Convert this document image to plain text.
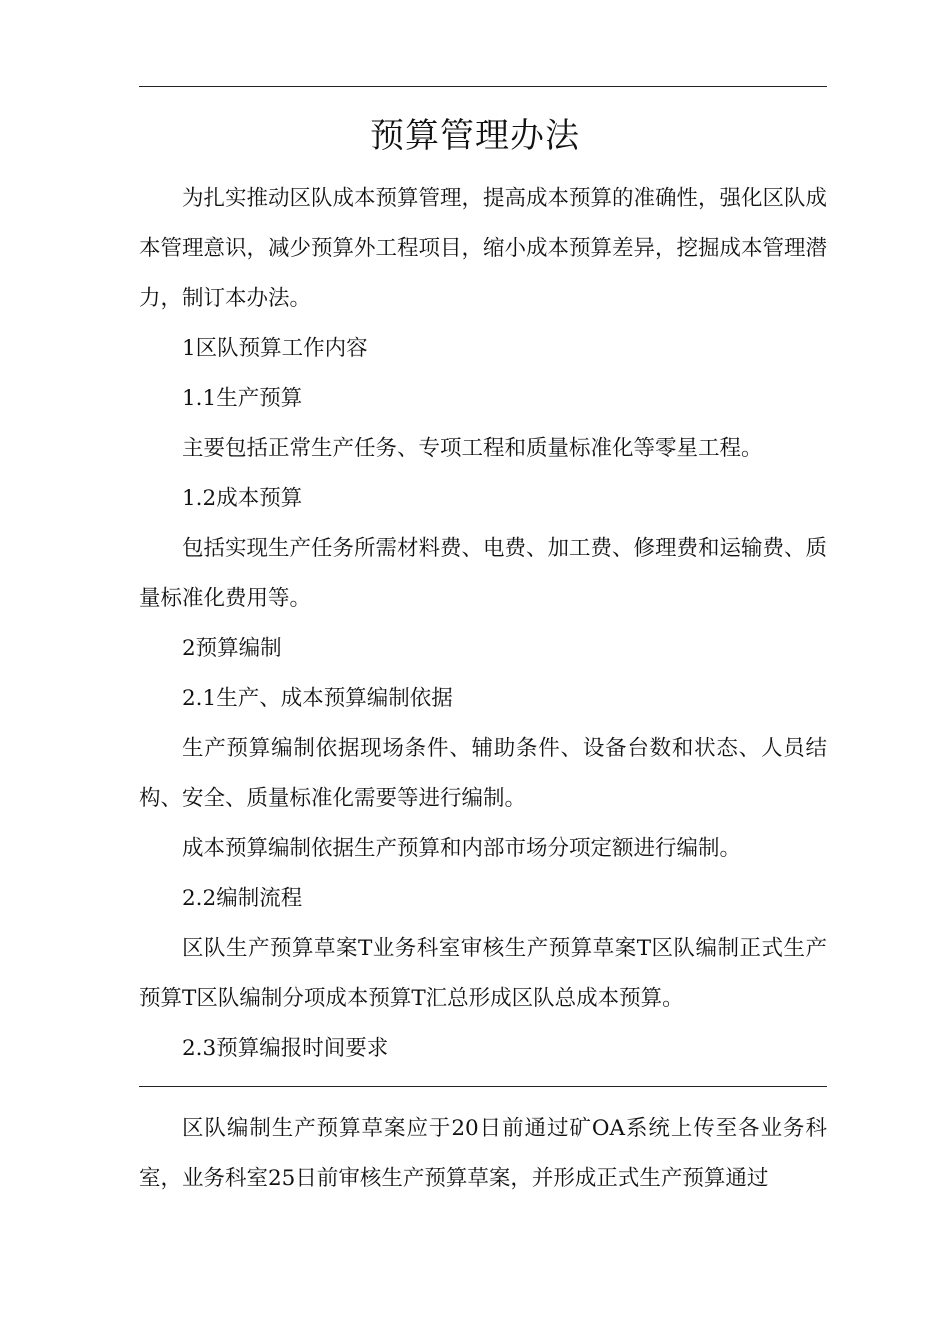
预算管理办法

为扎实推动区队成本预算管理，提高成本预算的准确性，强化区队成本管理意识，减少预算外工程项目，缩小成本预算差异，挖掘成本管理潜力，制订本办法。

1区队预算工作内容

1.1生产预算

主要包括正常生产任务、专项工程和质量标准化等零星工程。

1.2成本预算

包括实现生产任务所需材料费、电费、加工费、修理费和运输费、质量标准化费用等。

2预算编制

2.1生产、成本预算编制依据

生产预算编制依据现场条件、辅助条件、设备台数和状态、人员结构、安全、质量标准化需要等进行编制。

成本预算编制依据生产预算和内部市场分项定额进行编制。

2.2编制流程

区队生产预算草案T业务科室审核生产预算草案T区队编制正式生产预算T区队编制分项成本预算T汇总形成区队总成本预算。

2.3预算编报时间要求

区队编制生产预算草案应于20日前通过矿OA系统上传至各业务科室，业务科室25日前审核生产预算草案，并形成正式生产预算通过
